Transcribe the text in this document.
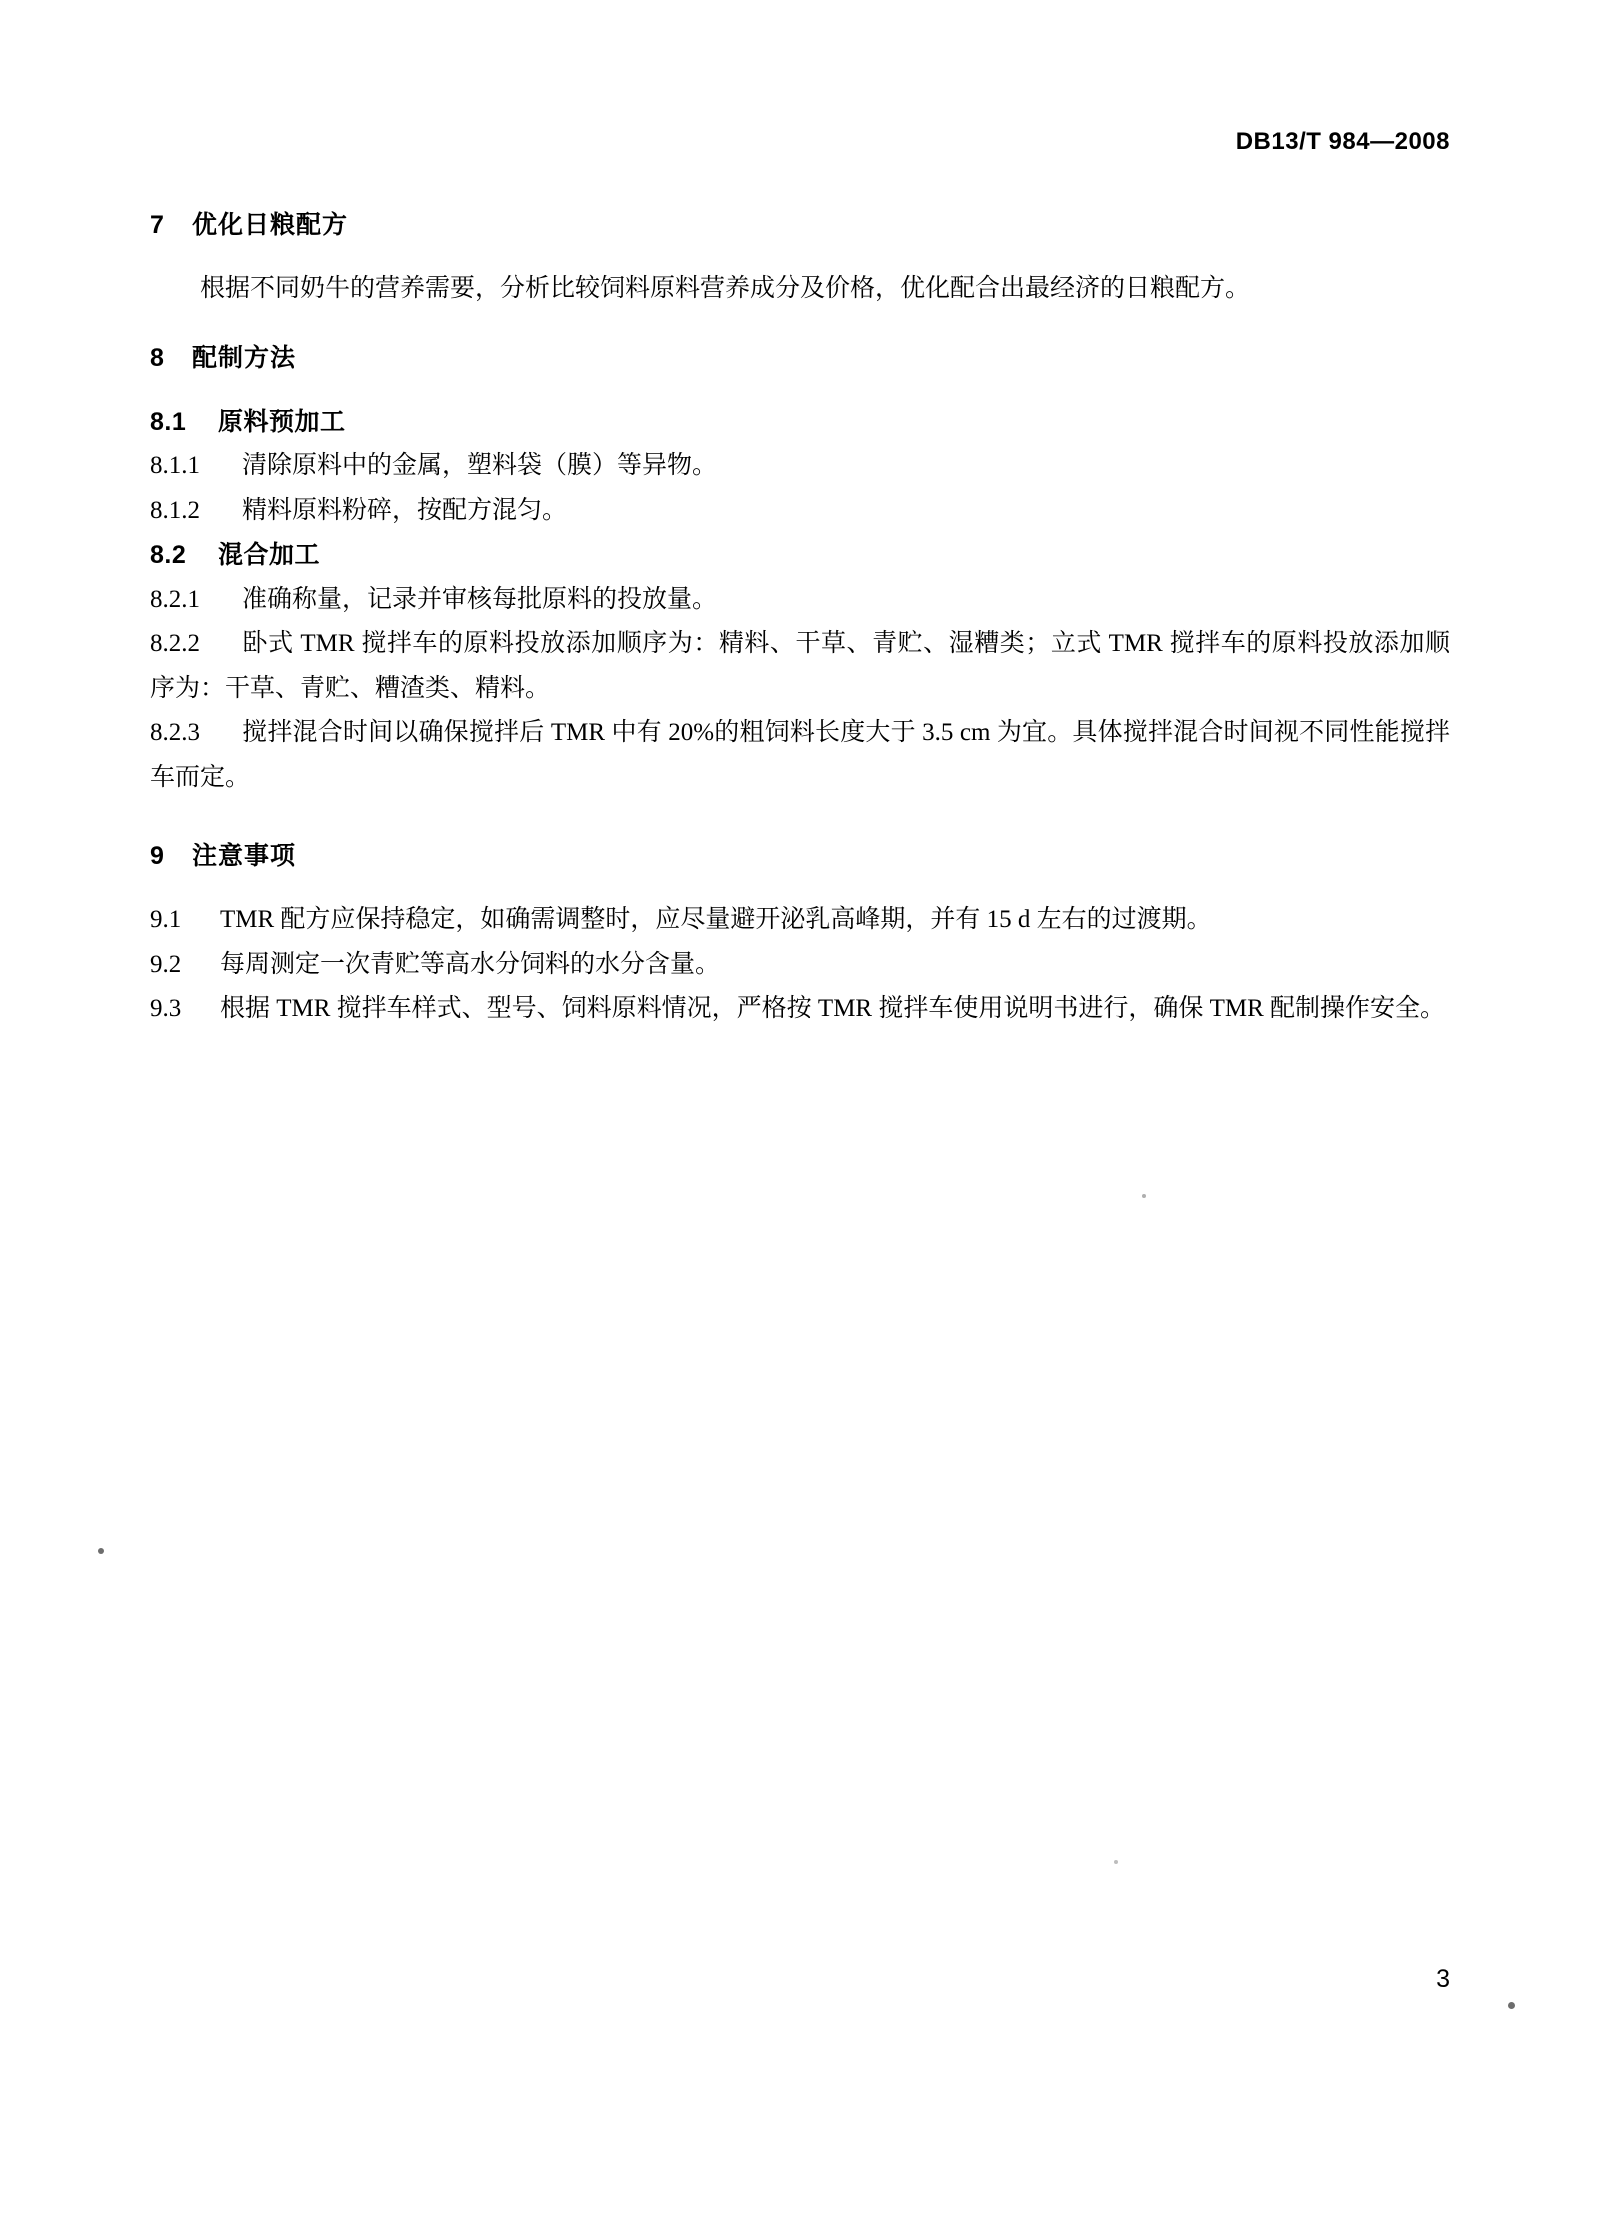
DB13/T 984—2008
7 优化日粮配方

根据不同奶牛的营养需要，分析比较饲料原料营养成分及价格，优化配合出最经济的日粮配方。

8 配制方法

8.1 原料预加工

8.1.1 清除原料中的金属，塑料袋（膜）等异物。

8.1.2 精料原料粉碎，按配方混匀。

8.2 混合加工

8.2.1 准确称量，记录并审核每批原料的投放量。

8.2.2 卧式 TMR 搅拌车的原料投放添加顺序为：精料、干草、青贮、湿糟类；立式 TMR 搅拌车的原料投放添加顺序为：干草、青贮、糟渣类、精料。

8.2.3 搅拌混合时间以确保搅拌后 TMR 中有 20%的粗饲料长度大于 3.5 cm 为宜。具体搅拌混合时间视不同性能搅拌车而定。

9 注意事项

9.1 TMR 配方应保持稳定，如确需调整时，应尽量避开泌乳高峰期，并有 15 d 左右的过渡期。

9.2 每周测定一次青贮等高水分饲料的水分含量。

9.3 根据 TMR 搅拌车样式、型号、饲料原料情况，严格按 TMR 搅拌车使用说明书进行，确保 TMR 配制操作安全。

3
